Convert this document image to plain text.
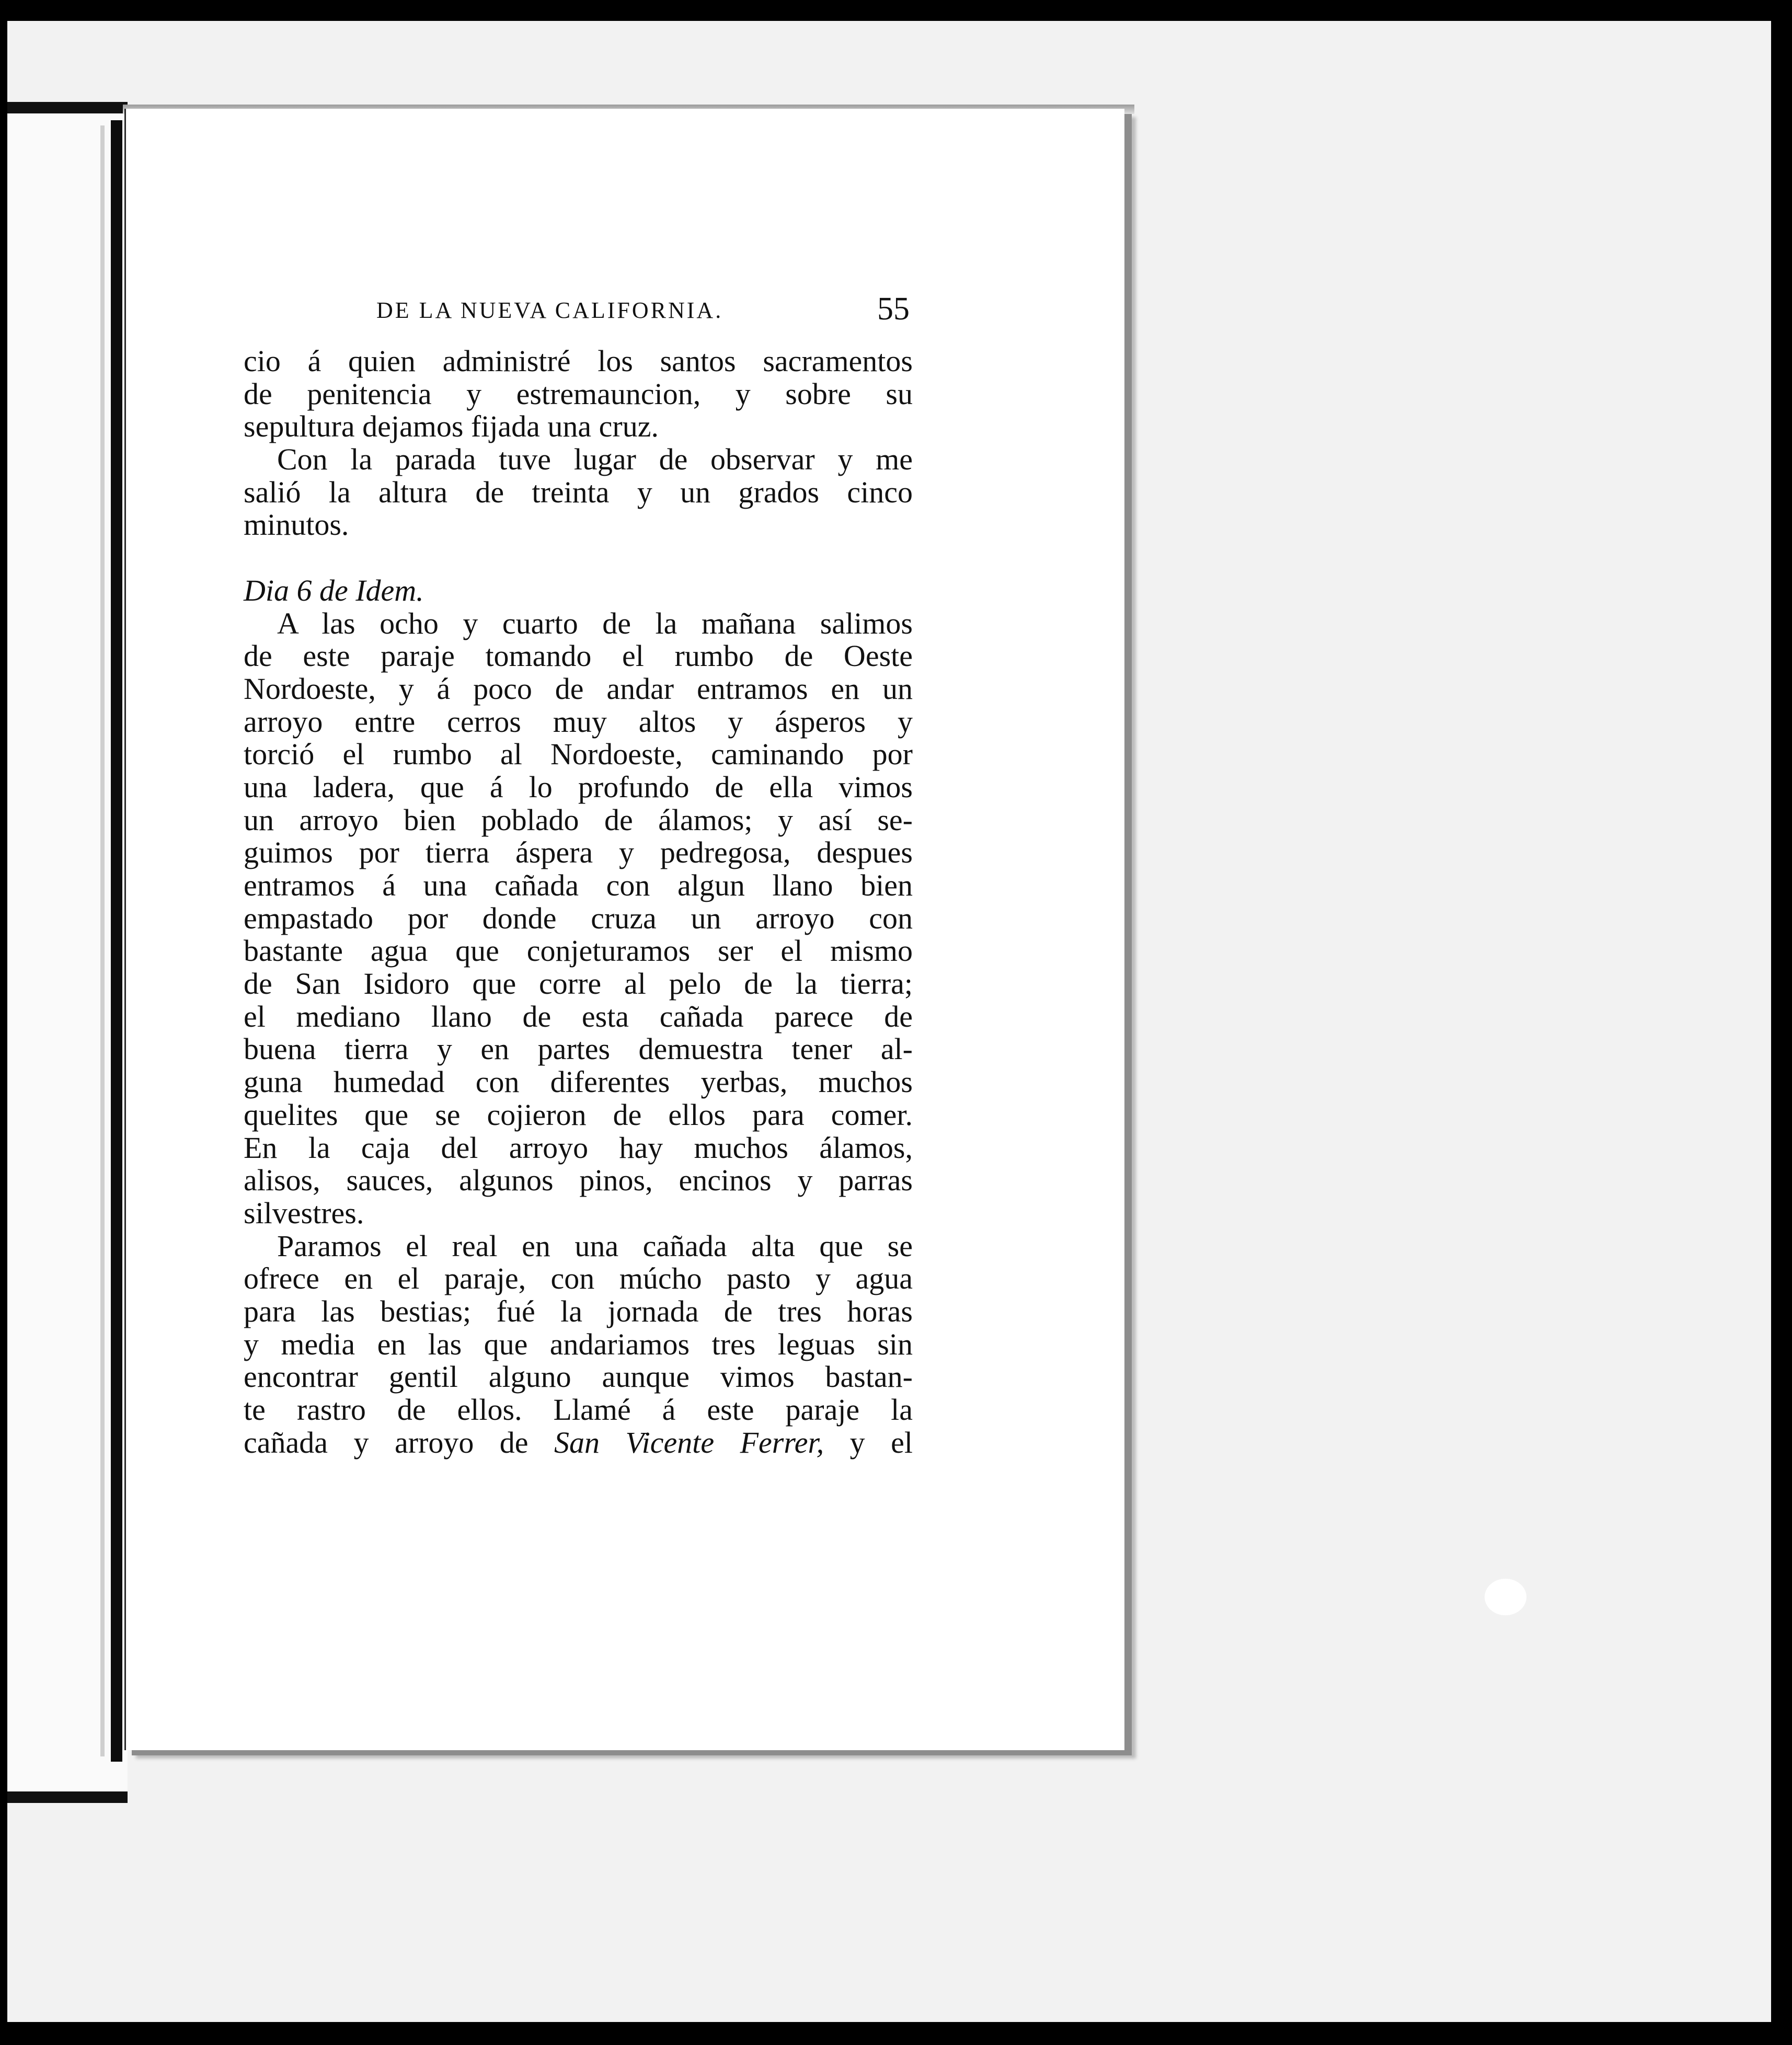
DE LA NUEVA CALIFORNIA.	55
cio á quien administré los santos sacramentos
de penitencia y estremauncion, y sobre su
sepultura dejamos fijada una cruz.
Con la parada tuve lugar de observar y me
salió la altura de treinta y un grados cinco
minutos.
Dia 6 de Idem.
A las ocho y cuarto de la mañana salimos
de este paraje tomando el rumbo de Oeste
Nordoeste, y á poco de andar entramos en un
arroyo entre cerros muy altos y ásperos y
torció el rumbo al Nordoeste, caminando por
una ladera, que á lo profundo de ella vimos
un arroyo bien poblado de álamos; y así se-
guimos por tierra áspera y pedregosa, despues
entramos á una cañada con algun llano bien
empastado por donde cruza un arroyo con
bastante agua que conjeturamos ser el mismo
de San Isidoro que corre al pelo de la tierra;
el mediano llano de esta cañada parece de
buena tierra y en partes demuestra tener al-
guna humedad con diferentes yerbas, muchos
quelites que se cojieron de ellos para comer.
En la caja del arroyo hay muchos álamos,
alisos, sauces, algunos pinos, encinos y parras
silvestres.
Paramos el real en una cañada alta que se
ofrece en el paraje, con múcho pasto y agua
para las bestias; fué la jornada de tres horas
y media en las que andariamos tres leguas sin
encontrar gentil alguno aunque vimos bastan-
te rastro de ellos. Llamé á este paraje la
cañada y arroyo de San Vicente Ferrer, y el
